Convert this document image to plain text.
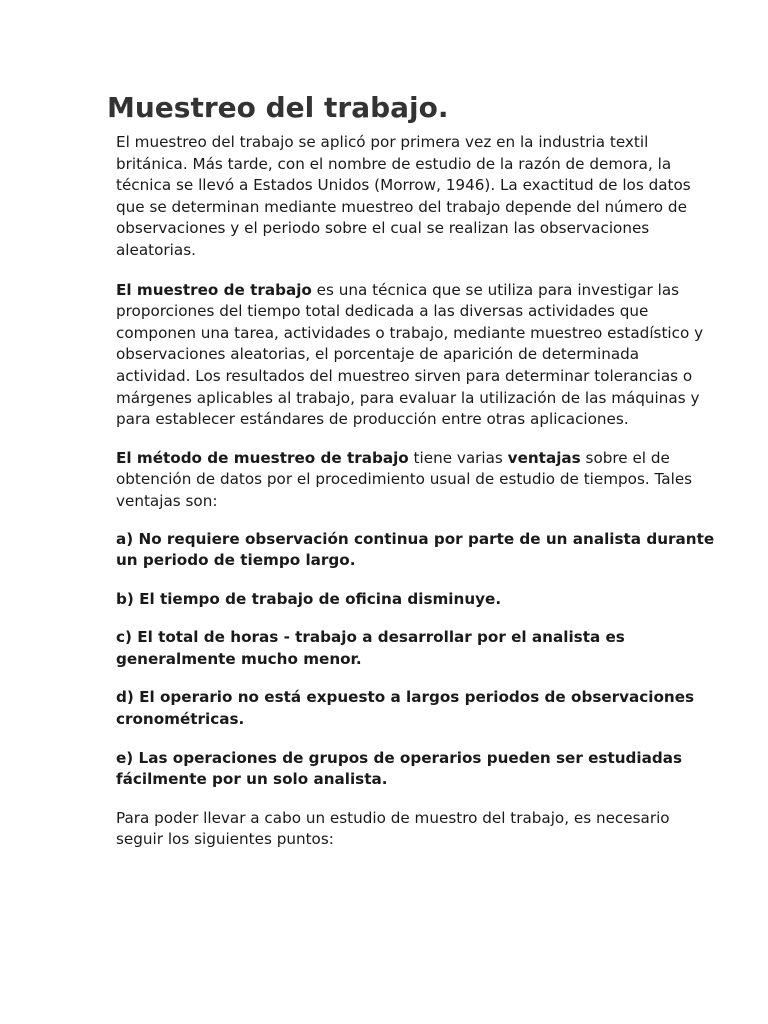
Muestreo del trabajo.

El muestreo del trabajo se aplicó por primera vez en la industria textil británica. Más tarde, con el nombre de estudio de la razón de demora, la técnica se llevó a Estados Unidos (Morrow, 1946). La exactitud de los datos que se determinan mediante muestreo del trabajo depende del número de observaciones y el periodo sobre el cual se realizan las observaciones aleatorias.

El muestreo de trabajo es una técnica que se utiliza para investigar las proporciones del tiempo total dedicada a las diversas actividades que componen una tarea, actividades o trabajo, mediante muestreo estadístico y observaciones aleatorias, el porcentaje de aparición de determinada actividad. Los resultados del muestreo sirven para determinar tolerancias o márgenes aplicables al trabajo, para evaluar la utilización de las máquinas y para establecer estándares de producción entre otras aplicaciones.

El método de muestreo de trabajo tiene varias ventajas sobre el de obtención de datos por el procedimiento usual de estudio de tiempos. Tales ventajas son:

a) No requiere observación continua por parte de un analista durante un periodo de tiempo largo.

b) El tiempo de trabajo de oficina disminuye.

c) El total de horas - trabajo a desarrollar por el analista es generalmente mucho menor.

d) El operario no está expuesto a largos periodos de observaciones cronométricas.

e) Las operaciones de grupos de operarios pueden ser estudiadas fácilmente por un solo analista.

Para poder llevar a cabo un estudio de muestro del trabajo, es necesario seguir los siguientes puntos:
